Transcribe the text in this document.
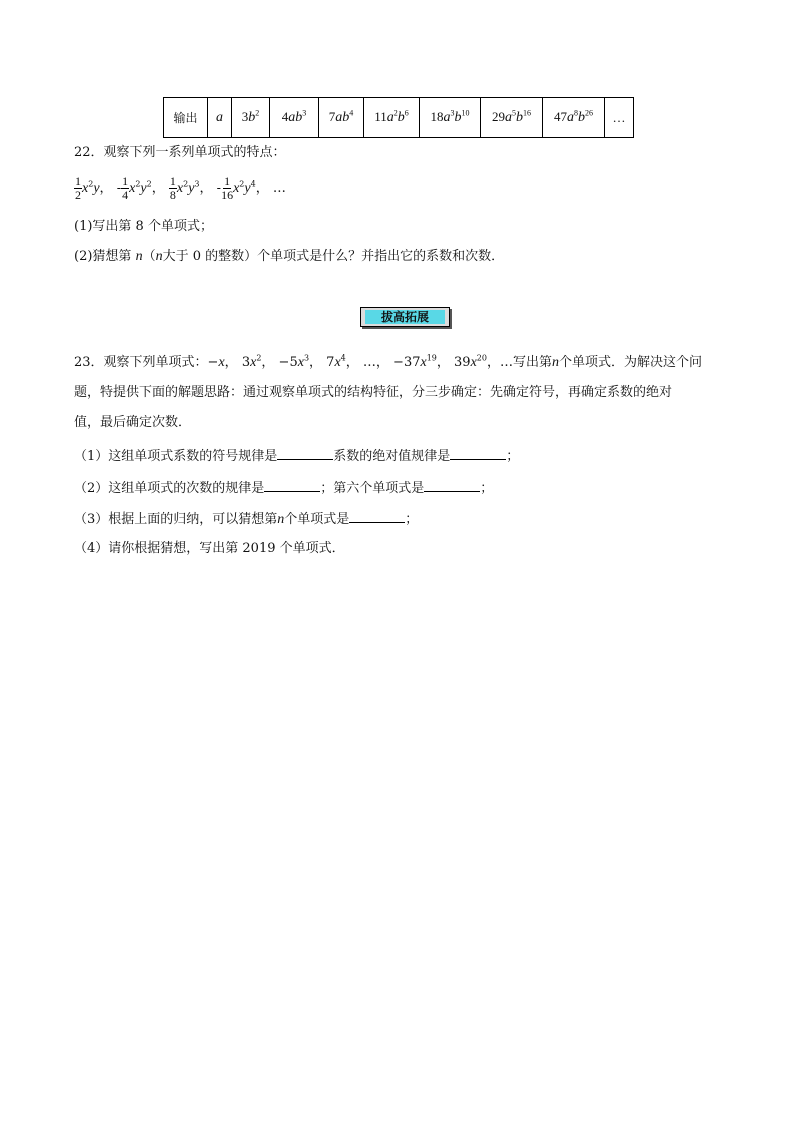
输出	a	$3b^2$	$4ab^3$	$7ab^4$	$11a^2b^6$	$18a^3b^{10}$	$29a^5b^{16}$	$47a^8b^{26}$	…
22．观察下列一系列单项式的特点：
$\frac{1}{2} x^2y$， - $\frac{1}{4} x^2y^2$， $\frac{1}{8} x^2y^3$， - $\frac{1}{16} x^2y^4$， …
(1)写出第 8 个单项式；
(2)猜想第 n（n大于 0 的整数）个单项式是什么？并指出它的系数和次数．
拔高拓展
23．观察下列单项式：−x， $3x^2$， $-5x^3$， $7x^4$， …， $-37x^{19}$， $39x^{20}$，…写出第n个单项式．为解决这个问
题，特提供下面的解题思路：通过观察单项式的结构特征，分三步确定：先确定符号，再确定系数的绝对
值，最后确定次数．
（1）这组单项式系数的符号规律是	系数的绝对值规律是	；
（2）这组单项式的次数的规律是	；第六个单项式是	；
（3）根据上面的归纳，可以猜想第n个单项式是	；
（4）请你根据猜想，写出第 2019 个单项式．
